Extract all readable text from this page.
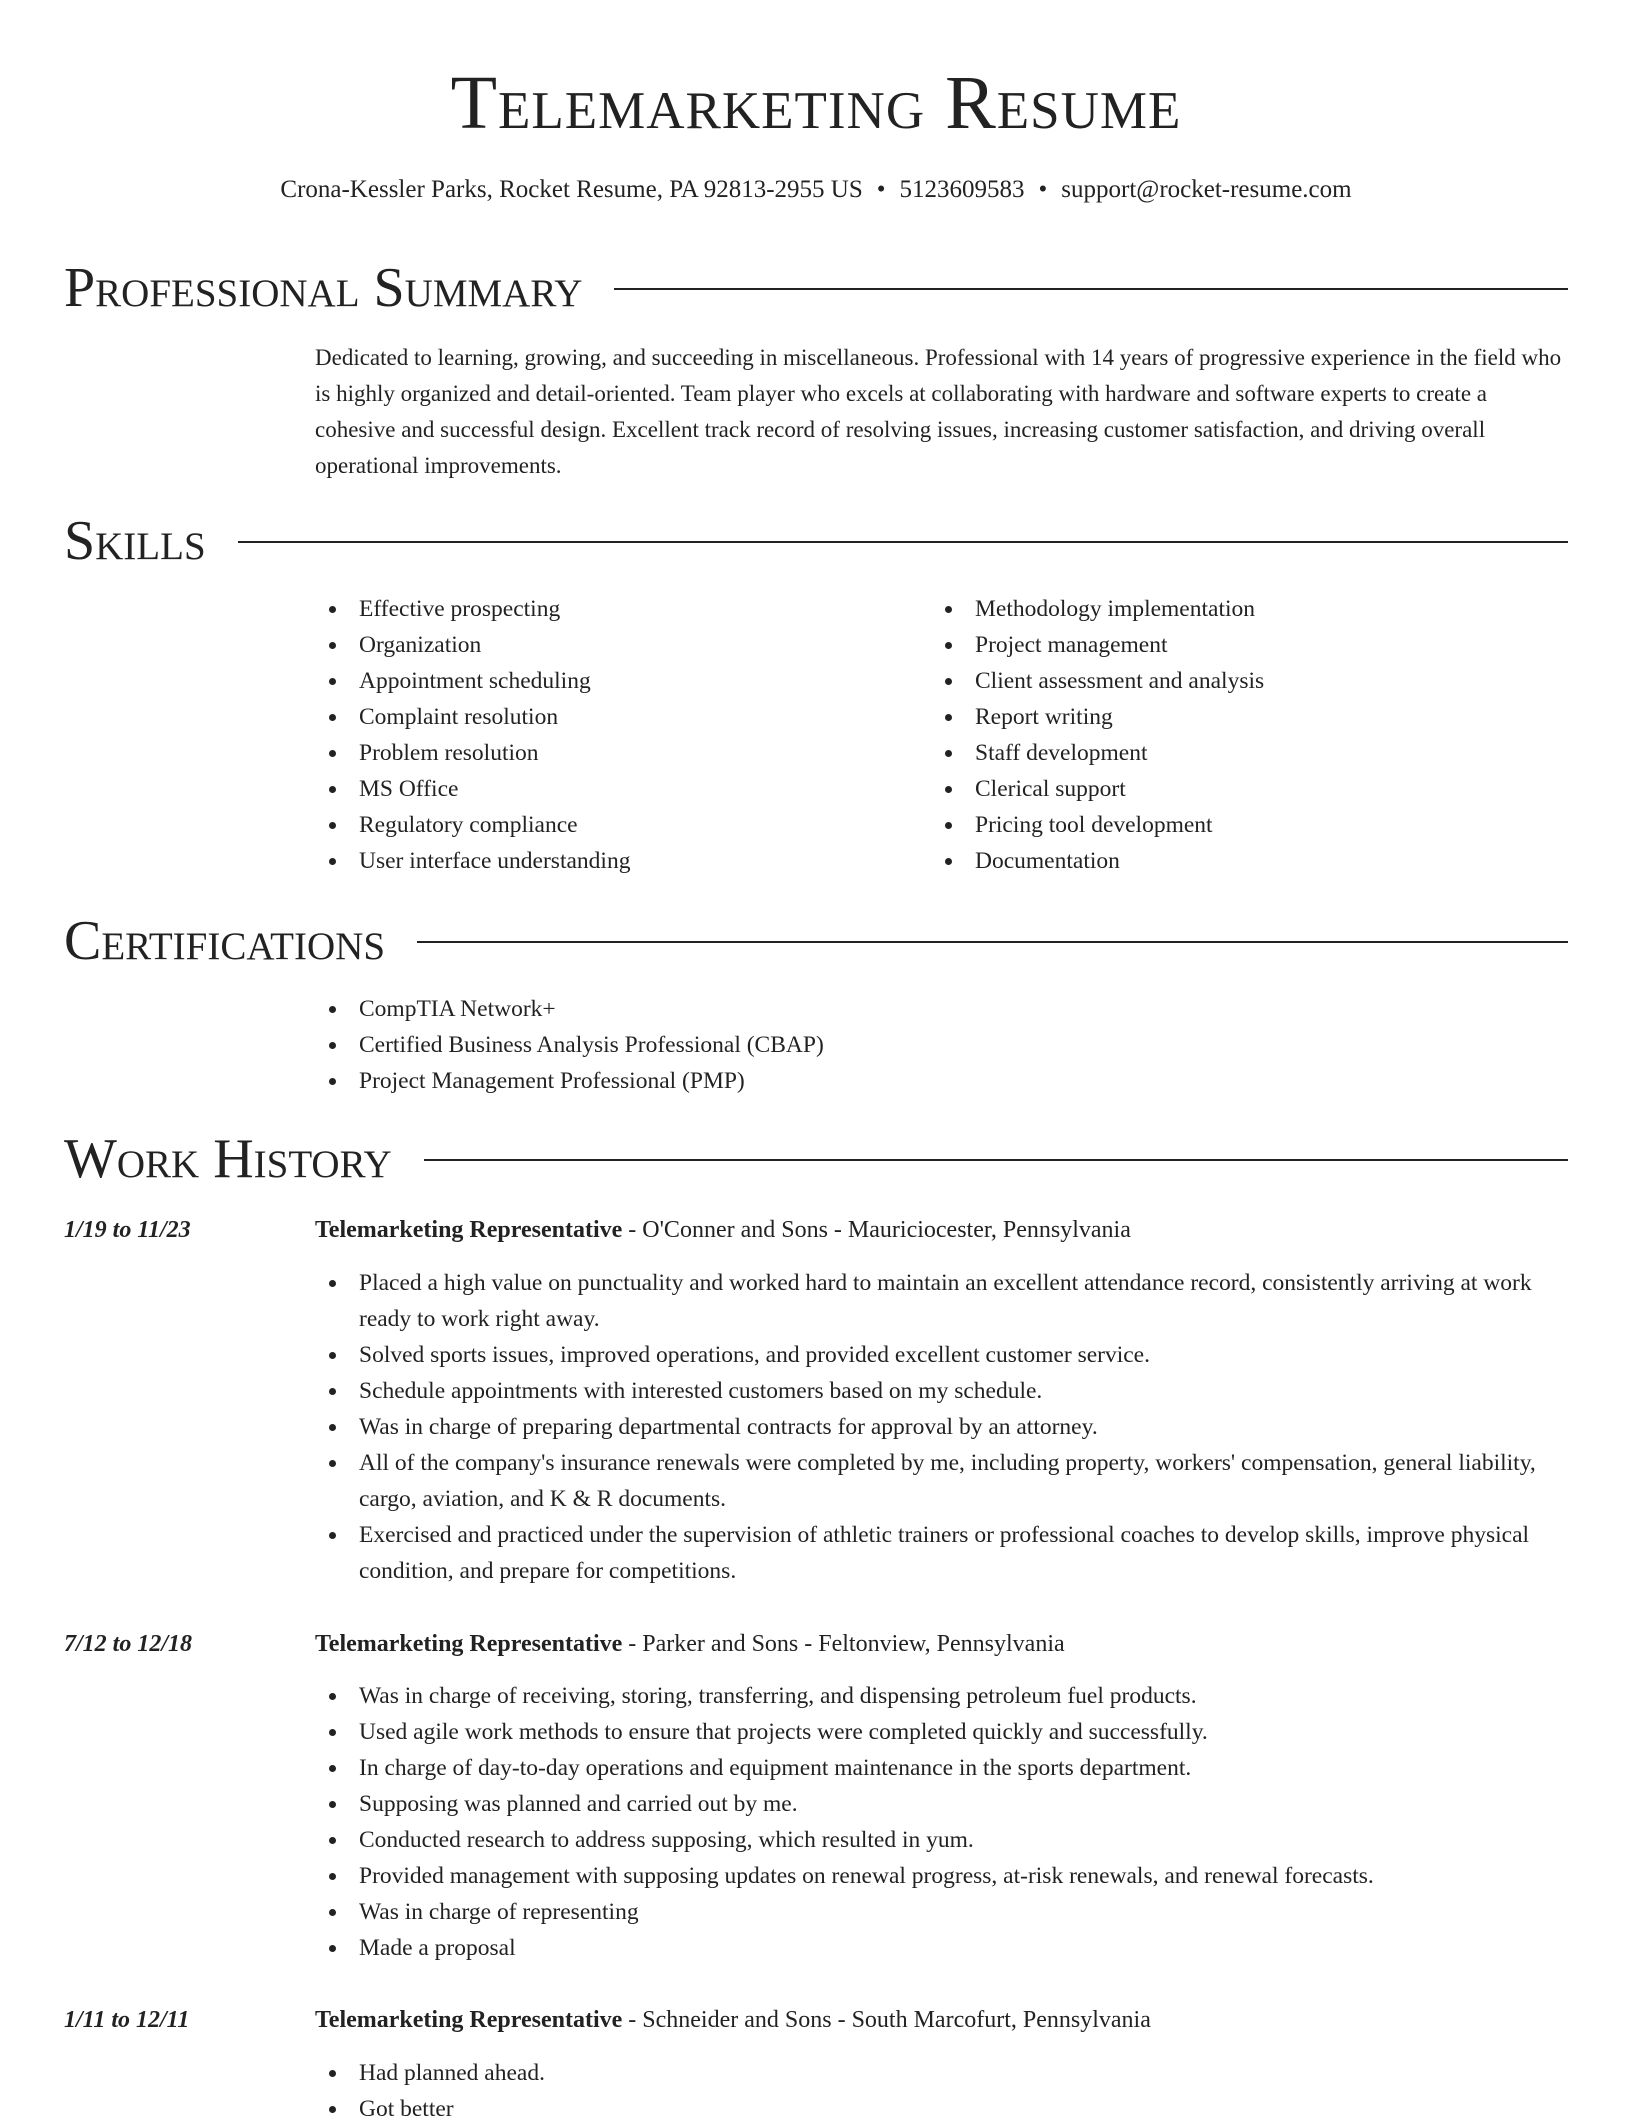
Telemarketing Resume
Crona-Kessler Parks, Rocket Resume, PA 92813-2955 US • 5123609583 • support@rocket-resume.com
Professional Summary
Dedicated to learning, growing, and succeeding in miscellaneous. Professional with 14 years of progressive experience in the field who is highly organized and detail-oriented. Team player who excels at collaborating with hardware and software experts to create a cohesive and successful design. Excellent track record of resolving issues, increasing customer satisfaction, and driving overall operational improvements.
Skills
Effective prospecting
Organization
Appointment scheduling
Complaint resolution
Problem resolution
MS Office
Regulatory compliance
User interface understanding
Methodology implementation
Project management
Client assessment and analysis
Report writing
Staff development
Clerical support
Pricing tool development
Documentation
Certifications
CompTIA Network+
Certified Business Analysis Professional (CBAP)
Project Management Professional (PMP)
Work History
1/19 to 11/23	Telemarketing Representative - O'Conner and Sons - Mauriciocester, Pennsylvania
Placed a high value on punctuality and worked hard to maintain an excellent attendance record, consistently arriving at work ready to work right away.
Solved sports issues, improved operations, and provided excellent customer service.
Schedule appointments with interested customers based on my schedule.
Was in charge of preparing departmental contracts for approval by an attorney.
All of the company's insurance renewals were completed by me, including property, workers' compensation, general liability, cargo, aviation, and K & R documents.
Exercised and practiced under the supervision of athletic trainers or professional coaches to develop skills, improve physical condition, and prepare for competitions.
7/12 to 12/18	Telemarketing Representative - Parker and Sons - Feltonview, Pennsylvania
Was in charge of receiving, storing, transferring, and dispensing petroleum fuel products.
Used agile work methods to ensure that projects were completed quickly and successfully.
In charge of day-to-day operations and equipment maintenance in the sports department.
Supposing was planned and carried out by me.
Conducted research to address supposing, which resulted in yum.
Provided management with supposing updates on renewal progress, at-risk renewals, and renewal forecasts.
Was in charge of representing
Made a proposal
1/11 to 12/11	Telemarketing Representative - Schneider and Sons - South Marcofurt, Pennsylvania
Had planned ahead.
Got better
